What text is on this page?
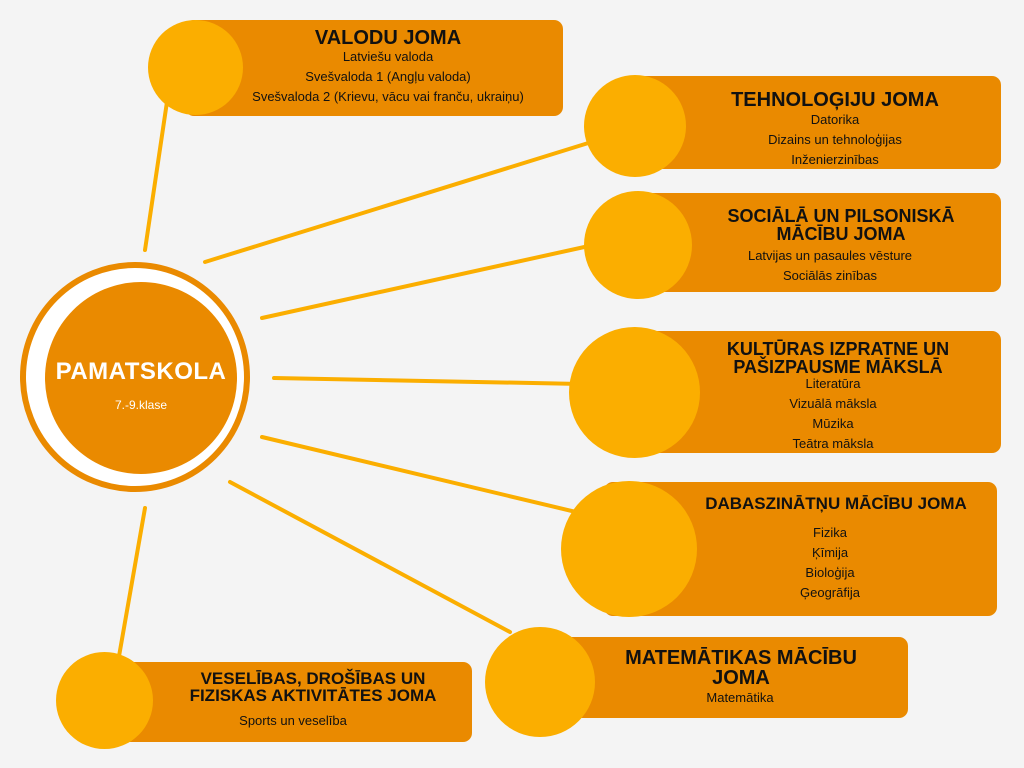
PAMATSKOLA
7.-9.klase
VALODU JOMA
Latviešu valoda
Svešvaloda 1 (Angļu valoda)
Svešvaloda 2 (Krievu, vācu vai franču, ukraiņu)	TEHNOLOĢIJU JOMA
Datorika
Dizains un tehnoloģijas
Inženierzinības
SOCIĀLĀ UN PILSONISKĀ
MĀCĪBU JOMA
Latvijas un pasaules vēsture
Sociālās zinības
KULTŪRAS IZPRATNE UN
PAŠIZPAUSME MĀKSLĀ
Literatūra
Vizuālā māksla
Mūzika
Teātra māksla
DABASZINĀTŅU MĀCĪBU JOMA
Fizika
Ķīmija
Bioloģija
Ģeogrāfija
MATEMĀTIKAS MĀCĪBU
JOMA
Matemātika
VESELĪBAS, DROŠĪBAS UN
FIZISKAS AKTIVITĀTES JOMA
Sports un veselība
